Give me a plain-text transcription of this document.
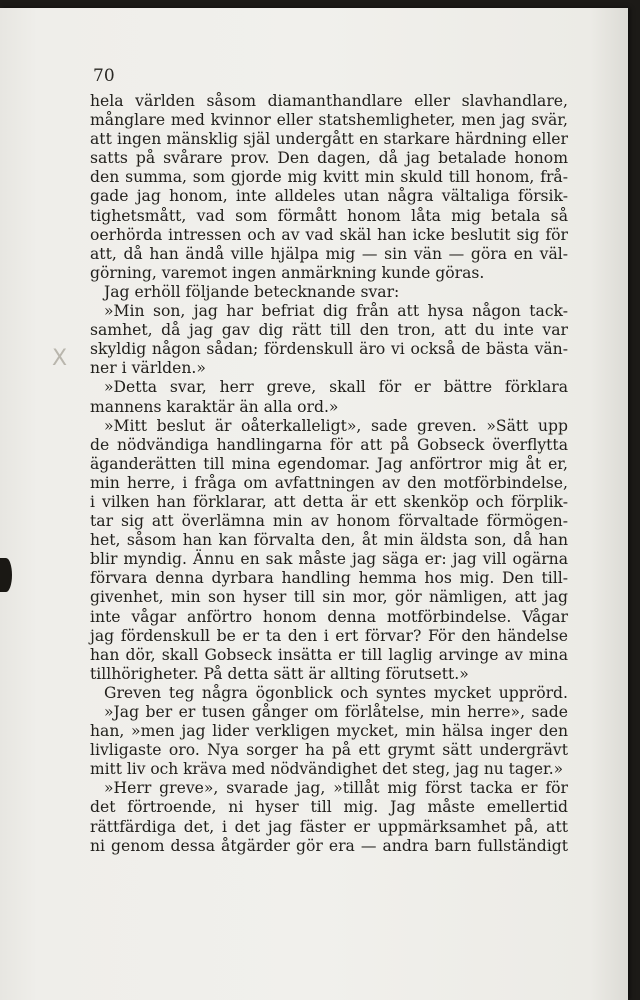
70
X
hela världen såsom diamanthandlare eller slavhandlare,
månglare med kvinnor eller statshemligheter, men jag svär,
att ingen mänsklig själ undergått en starkare härdning eller
satts på svårare prov. Den dagen, då jag betalade honom
den summa, som gjorde mig kvitt min skuld till honom, frå-
gade jag honom, inte alldeles utan några vältaliga försik-
tighetsmått, vad som förmått honom låta mig betala så
oerhörda intressen och av vad skäl han icke beslutit sig för
att, då han ändå ville hjälpa mig — sin vän — göra en väl-
görning, varemot ingen anmärkning kunde göras.
Jag erhöll följande betecknande svar:
»Min son, jag har befriat dig från att hysa någon tack-
samhet, då jag gav dig rätt till den tron, att du inte var
skyldig någon sådan; fördenskull äro vi också de bästa vän-
ner i världen.»
»Detta svar, herr greve, skall för er bättre förklara
mannens karaktär än alla ord.»
»Mitt beslut är oåterkalleligt», sade greven. »Sätt upp
de nödvändiga handlingarna för att på Gobseck överflytta
äganderätten till mina egendomar. Jag anförtror mig åt er,
min herre, i fråga om avfattningen av den motförbindelse,
i vilken han förklarar, att detta är ett skenköp och förplik-
tar sig att överlämna min av honom förvaltade förmögen-
het, såsom han kan förvalta den, åt min äldsta son, då han
blir myndig. Ännu en sak måste jag säga er: jag vill ogärna
förvara denna dyrbara handling hemma hos mig. Den till-
givenhet, min son hyser till sin mor, gör nämligen, att jag
inte vågar anförtro honom denna motförbindelse. Vågar
jag fördenskull be er ta den i ert förvar? För den händelse
han dör, skall Gobseck insätta er till laglig arvinge av mina
tillhörigheter. På detta sätt är allting förutsett.»
Greven teg några ögonblick och syntes mycket upprörd.
»Jag ber er tusen gånger om förlåtelse, min herre», sade
han, »men jag lider verkligen mycket, min hälsa inger den
livligaste oro. Nya sorger ha på ett grymt sätt undergrävt
mitt liv och kräva med nödvändighet det steg, jag nu tager.»
»Herr greve», svarade jag, »tillåt mig först tacka er för
det förtroende, ni hyser till mig. Jag måste emellertid
rättfärdiga det, i det jag fäster er uppmärksamhet på, att
ni genom dessa åtgärder gör era — andra barn fullständigt
